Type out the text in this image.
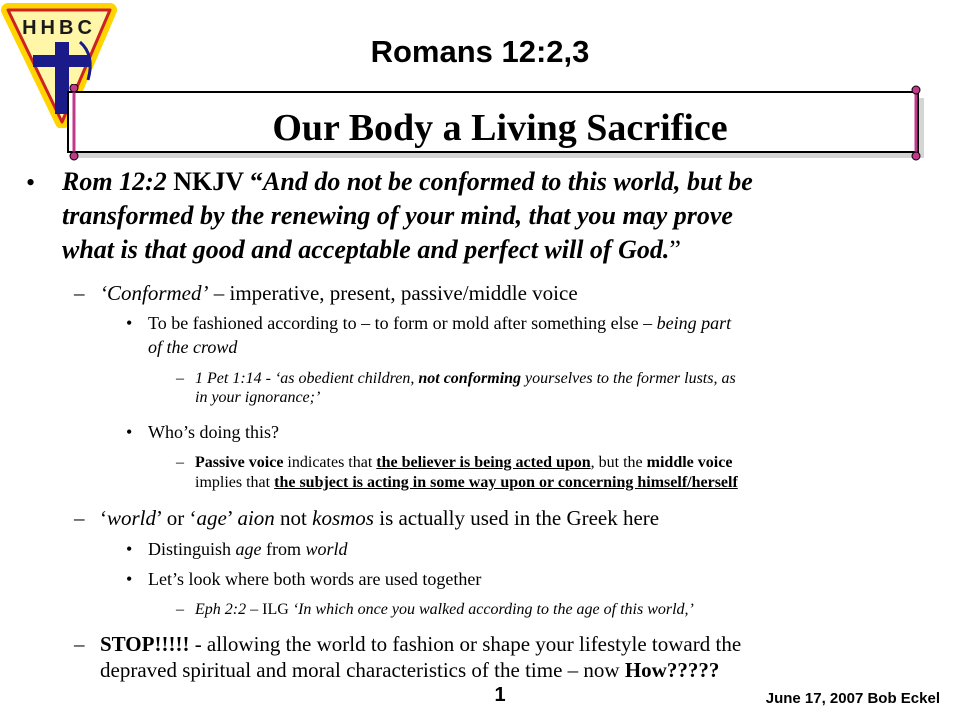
HHBC
Romans 12:2,3
Our Body a Living Sacrifice
• Rom 12:2 NKJV “And do not be conformed to this world, but be
transformed by the renewing of your mind, that you may prove
what is that good and acceptable and perfect will of God.”
– ‘Conformed’ – imperative, present, passive/middle voice
• To be fashioned according to – to form or mold after something else – being part
of the crowd
– 1 Pet 1:14 - ‘as obedient children, not conforming yourselves to the former lusts, as
in your ignorance;’
• Who’s doing this?
– Passive voice indicates that the believer is being acted upon, but the middle voice
implies that the subject is acting in some way upon or concerning himself/herself
– ‘world’ or ‘age’ aion not kosmos is actually used in the Greek here
• Distinguish age from world
• Let’s look where both words are used together
– Eph 2:2 – ILG ‘In which once you walked according to the age of this world,’
– STOP!!!!! - allowing the world to fashion or shape your lifestyle toward the
depraved spiritual and moral characteristics of the time – now How?????
1	June 17, 2007 Bob Eckel
